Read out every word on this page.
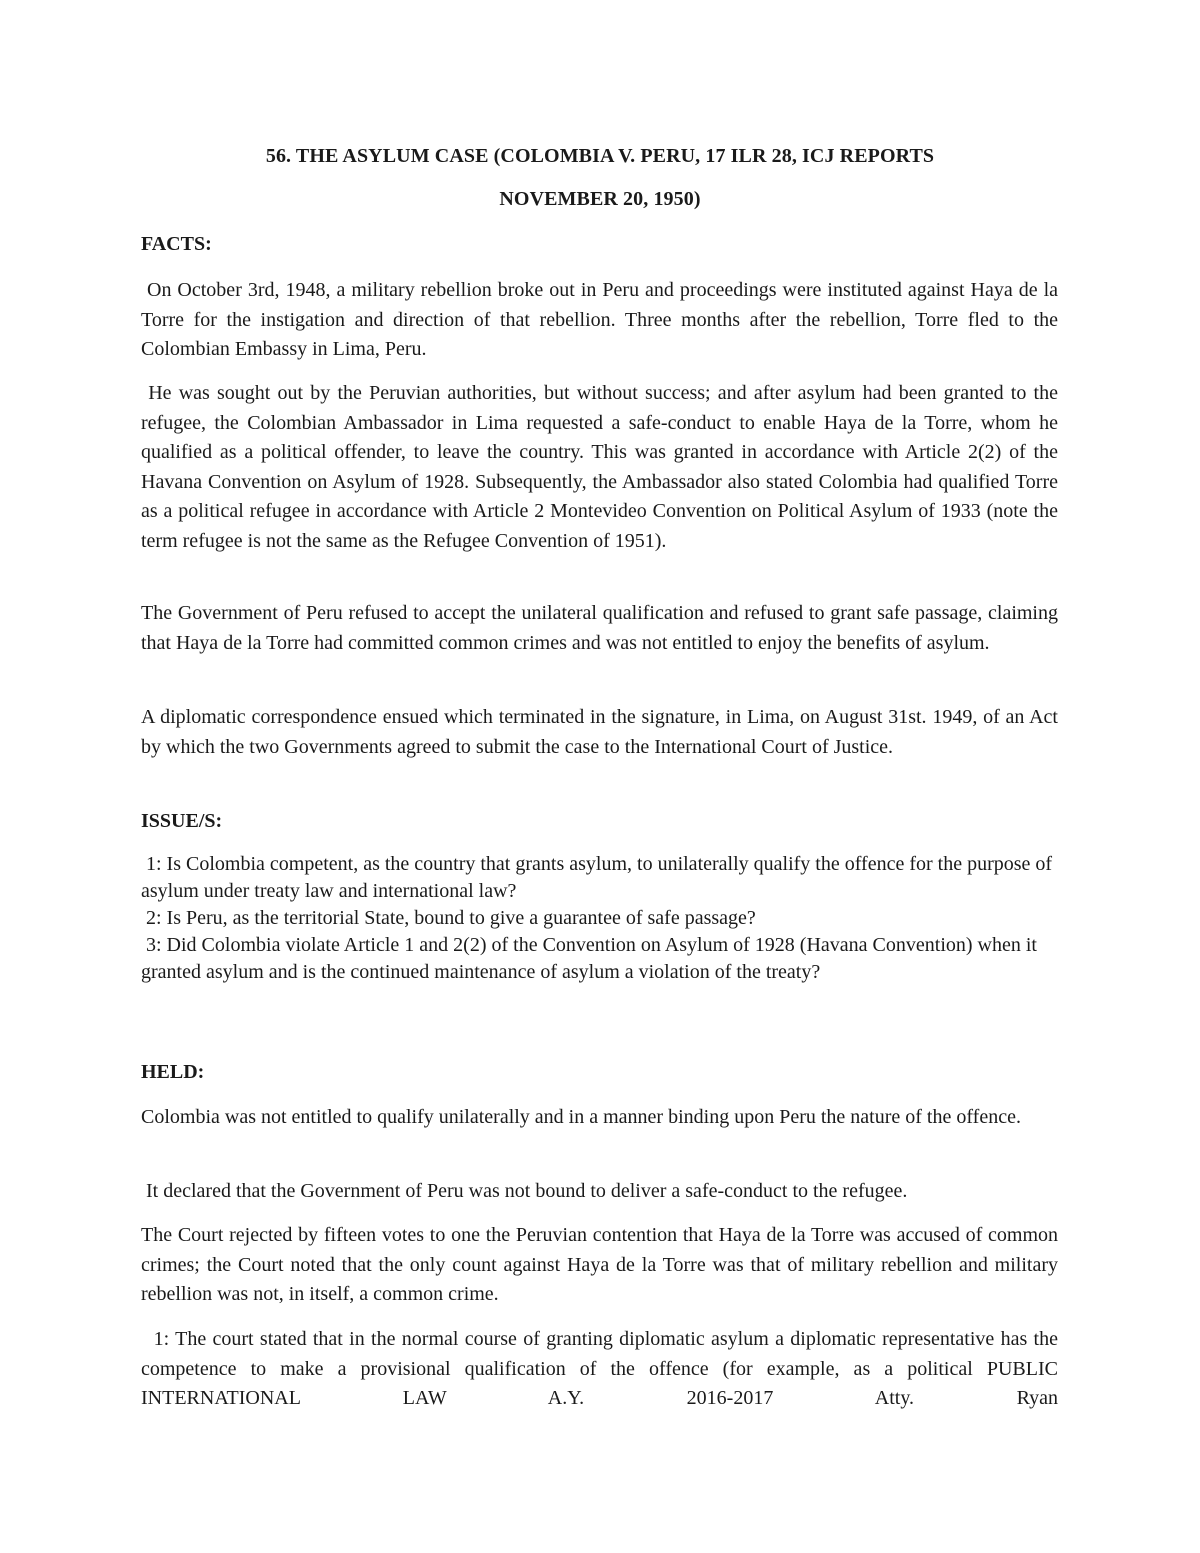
56. THE ASYLUM CASE (COLOMBIA V. PERU, 17 ILR 28, ICJ REPORTS
NOVEMBER 20, 1950)
FACTS:

On October 3rd, 1948, a military rebellion broke out in Peru and proceedings were instituted against Haya de la Torre for the instigation and direction of that rebellion. Three months after the rebellion, Torre fled to the Colombian Embassy in Lima, Peru.

He was sought out by the Peruvian authorities, but without success; and after asylum had been granted to the refugee, the Colombian Ambassador in Lima requested a safe-conduct to enable Haya de la Torre, whom he qualified as a political offender, to leave the country. This was granted in accordance with Article 2(2) of the Havana Convention on Asylum of 1928. Subsequently, the Ambassador also stated Colombia had qualified Torre as a political refugee in accordance with Article 2 Montevideo Convention on Political Asylum of 1933 (note the term refugee is not the same as the Refugee Convention of 1951).

The Government of Peru refused to accept the unilateral qualification and refused to grant safe passage, claiming that Haya de la Torre had committed common crimes and was not entitled to enjoy the benefits of asylum.

A diplomatic correspondence ensued which terminated in the signature, in Lima, on August 31st. 1949, of an Act by which the two Governments agreed to submit the case to the International Court of Justice.

ISSUE/S:

1: Is Colombia competent, as the country that grants asylum, to unilaterally qualify the offence for the purpose of asylum under treaty law and international law?

2: Is Peru, as the territorial State, bound to give a guarantee of safe passage?

3: Did Colombia violate Article 1 and 2(2) of the Convention on Asylum of 1928 (Havana Convention) when it granted asylum and is the continued maintenance of asylum a violation of the treaty?

HELD:

Colombia was not entitled to qualify unilaterally and in a manner binding upon Peru the nature of the offence.

It declared that the Government of Peru was not bound to deliver a safe-conduct to the refugee.

The Court rejected by fifteen votes to one the Peruvian contention that Haya de la Torre was accused of common crimes; the Court noted that the only count against Haya de la Torre was that of military rebellion and military rebellion was not, in itself, a common crime.

1: The court stated that in the normal course of granting diplomatic asylum a diplomatic representative has the competence to make a provisional qualification of the offence (for example, as a political PUBLIC INTERNATIONAL LAW A.Y. 2016-2017 Atty. Ryan
